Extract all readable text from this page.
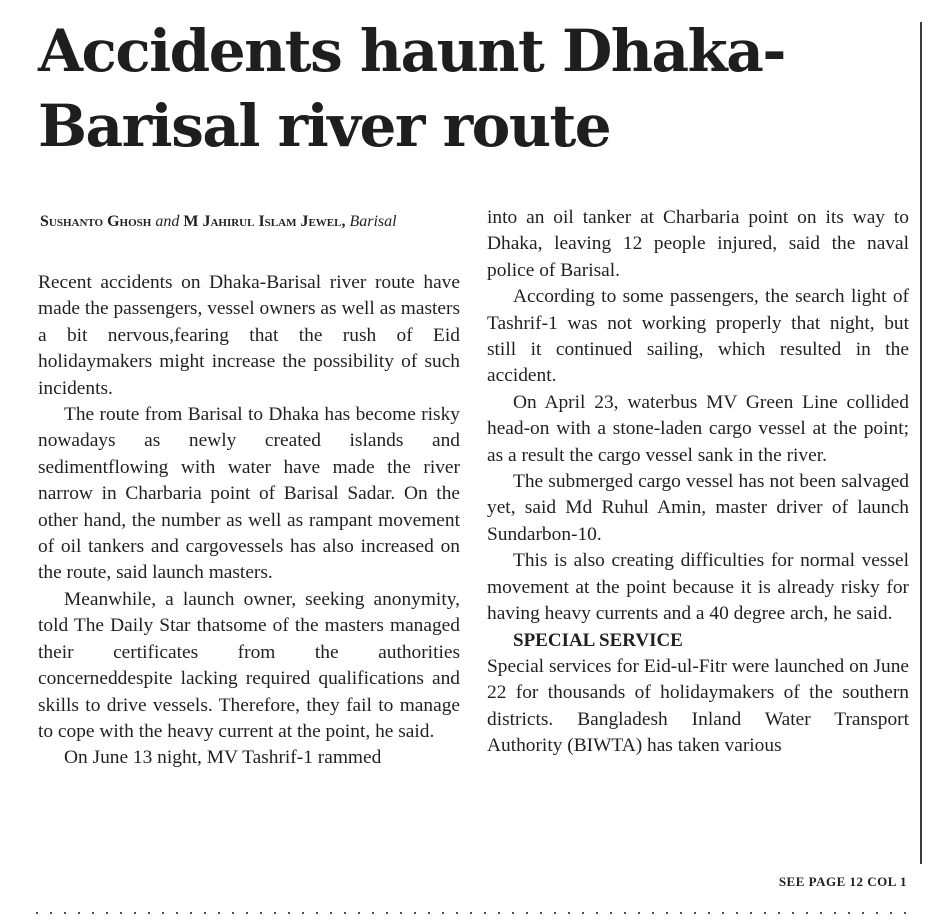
Accidents haunt Dhaka-Barisal river route
Sushanto Ghosh and M Jahirul Islam Jewel, Barisal

Recent accidents on Dhaka-Barisal river route have made the passengers, vessel owners as well as masters a bit nervous,fearing that the rush of Eid holidaymakers might increase the possibility of such incidents.

The route from Barisal to Dhaka has become risky nowadays as newly created islands and sedimentflowing with water have made the river narrow in Charbaria point of Barisal Sadar. On the other hand, the number as well as rampant movement of oil tankers and cargovessels has also increased on the route, said launch masters.

Meanwhile, a launch owner, seeking anonymity, told The Daily Star thatsome of the masters managed their certificates from the authorities concerneddespite lacking required qualifications and skills to drive vessels. Therefore, they fail to manage to cope with the heavy current at the point, he said.

On June 13 night, MV Tashrif-1 rammed

into an oil tanker at Charbaria point on its way to Dhaka, leaving 12 people injured, said the naval police of Barisal.

According to some passengers, the search light of Tashrif-1 was not working properly that night, but still it continued sailing, which resulted in the accident.

On April 23, waterbus MV Green Line collided head-on with a stone-laden cargo vessel at the point; as a result the cargo vessel sank in the river.

The submerged cargo vessel has not been salvaged yet, said Md Ruhul Amin, master driver of launch Sundarbon-10.

This is also creating difficulties for normal vessel movement at the point because it is already risky for having heavy currents and a 40 degree arch, he said.

SPECIAL SERVICE

Special services for Eid-ul-Fitr were launched on June 22 for thousands of holidaymakers of the southern districts. Bangladesh Inland Water Transport Authority (BIWTA) has taken various

SEE PAGE 12 COL 1
